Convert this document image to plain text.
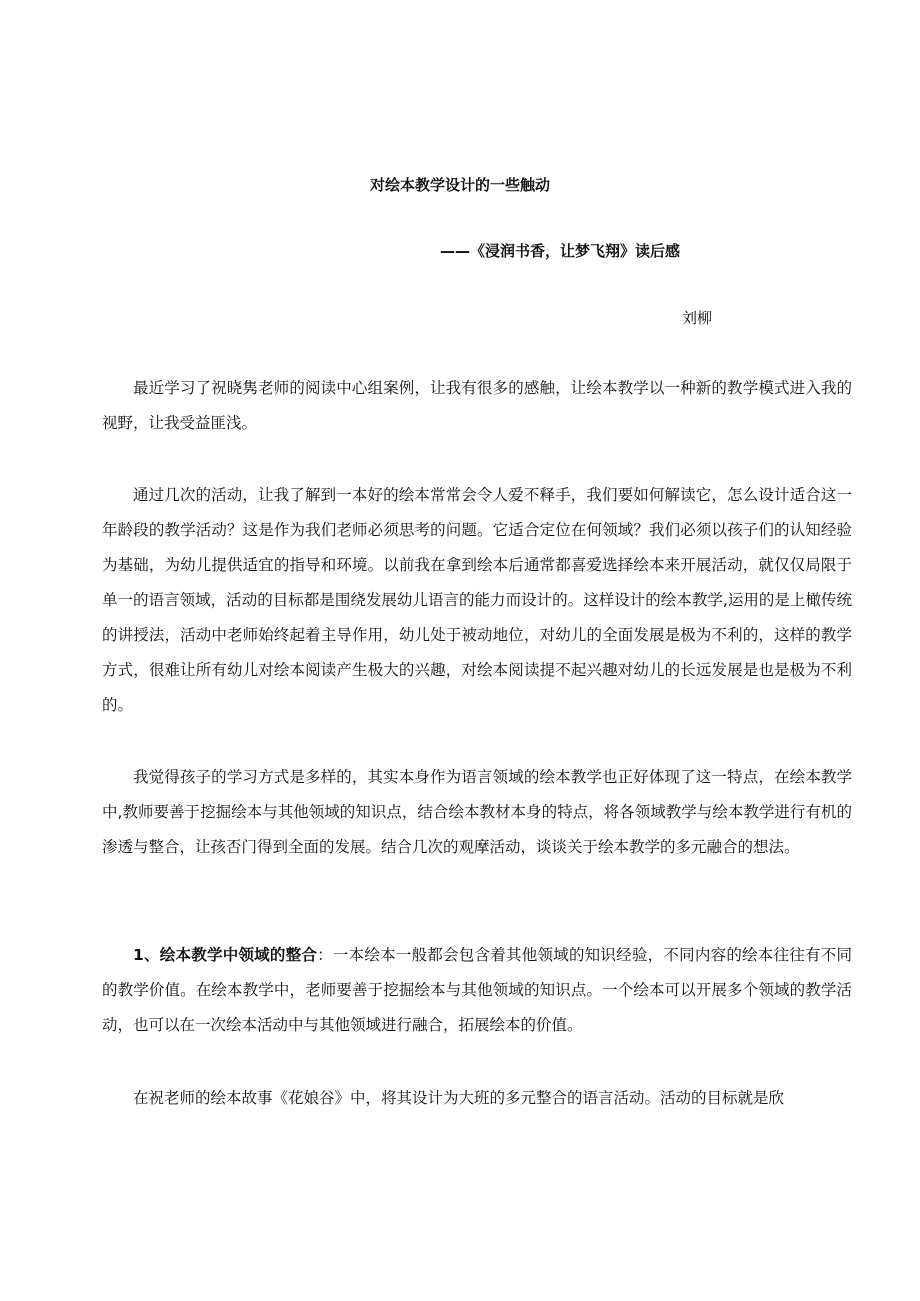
对绘本教学设计的一些触动
——《浸润书香，让梦飞翔》读后感
刘柳

最近学习了祝晓隽老师的阅读中心组案例，让我有很多的感触，让绘本教学以一种新的教学模式进入我的视野，让我受益匪浅。

通过几次的活动，让我了解到一本好的绘本常常会令人爱不释手，我们要如何解读它，怎么设计适合这一年龄段的教学活动？这是作为我们老师必须思考的问题。它适合定位在何领域？我们必须以孩子们的认知经验为基础，为幼儿提供适宜的指导和环境。以前我在拿到绘本后通常都喜爱选择绘本来开展活动，就仅仅局限于单一的语言领域，活动的目标都是围绕发展幼儿语言的能力而设计的。这样设计的绘本教学,运用的是上橄传统的讲授法，活动中老师始终起着主导作用，幼儿处于被动地位，对幼儿的全面发展是极为不利的，这样的教学方式，很难让所有幼儿对绘本阅读产生极大的兴趣，对绘本阅读提不起兴趣对幼儿的长远发展是也是极为不利的。

我觉得孩子的学习方式是多样的，其实本身作为语言领域的绘本教学也正好体现了这一特点，在绘本教学中,教师要善于挖掘绘本与其他领域的知识点，结合绘本教材本身的特点，将各领域教学与绘本教学进行有机的渗透与整合，让孩否门得到全面的发展。结合几次的观摩活动，谈谈关于绘本教学的多元融合的想法。

1、绘本教学中领域的整合：一本绘本一般都会包含着其他领域的知识经验，不同内容的绘本往往有不同的教学价值。在绘本教学中，老师要善于挖掘绘本与其他领域的知识点。一个绘本可以开展多个领域的教学活动，也可以在一次绘本活动中与其他领域进行融合，拓展绘本的价值。

在祝老师的绘本故事《花娘谷》中，将其设计为大班的多元整合的语言活动。活动的目标就是欣
